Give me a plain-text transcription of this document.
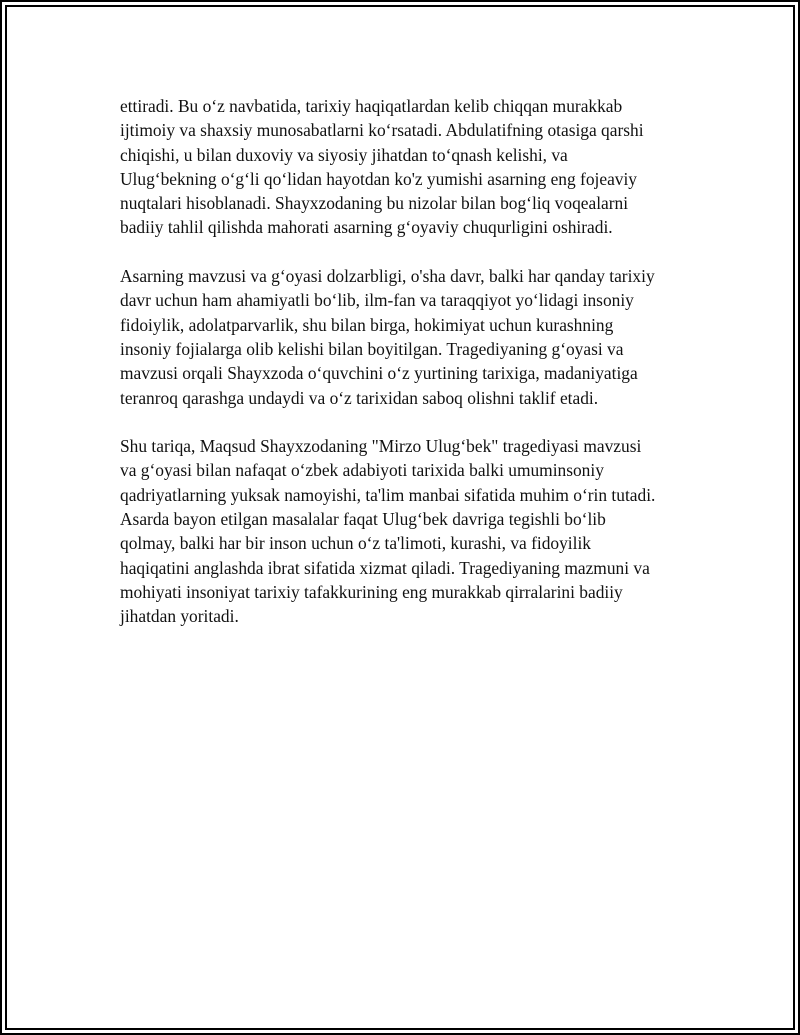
ettiradi. Bu o‘z navbatida, tarixiy haqiqatlardan kelib chiqqan murakkab
ijtimoiy va shaxsiy munosabatlarni ko‘rsatadi. Abdulatifning otasiga qarshi
chiqishi, u bilan duxoviy va siyosiy jihatdan to‘qnash kelishi, va
Ulug‘bekning o‘g‘li qo‘lidan hayotdan ko'z yumishi asarning eng fojeaviy
nuqtalari hisoblanadi. Shayxzodaning bu nizolar bilan bog‘liq voqealarni
badiiy tahlil qilishda mahorati asarning g‘oyaviy chuqurligini oshiradi.

Asarning mavzusi va g‘oyasi dolzarbligi, o'sha davr, balki har qanday tarixiy
davr uchun ham ahamiyatli bo‘lib, ilm-fan va taraqqiyot yo‘lidagi insoniy
fidoiylik, adolatparvarlik, shu bilan birga, hokimiyat uchun kurashning
insoniy fojialarga olib kelishi bilan boyitilgan. Tragediyaning g‘oyasi va
mavzusi orqali Shayxzoda o‘quvchini o‘z yurtining tarixiga, madaniyatiga
teranroq qarashga undaydi va o‘z tarixidan saboq olishni taklif etadi.

Shu tariqa, Maqsud Shayxzodaning "Mirzo Ulug‘bek" tragediyasi mavzusi
va g‘oyasi bilan nafaqat o‘zbek adabiyoti tarixida balki umuminsoniy
qadriyatlarning yuksak namoyishi, ta'lim manbai sifatida muhim o‘rin tutadi.
Asarda bayon etilgan masalalar faqat Ulug‘bek davriga tegishli bo‘lib
qolmay, balki har bir inson uchun o‘z ta'limoti, kurashi, va fidoyilik
haqiqatini anglashda ibrat sifatida xizmat qiladi. Tragediyaning mazmuni va
mohiyati insoniyat tarixiy tafakkurining eng murakkab qirralarini badiiy
jihatdan yoritadi.
